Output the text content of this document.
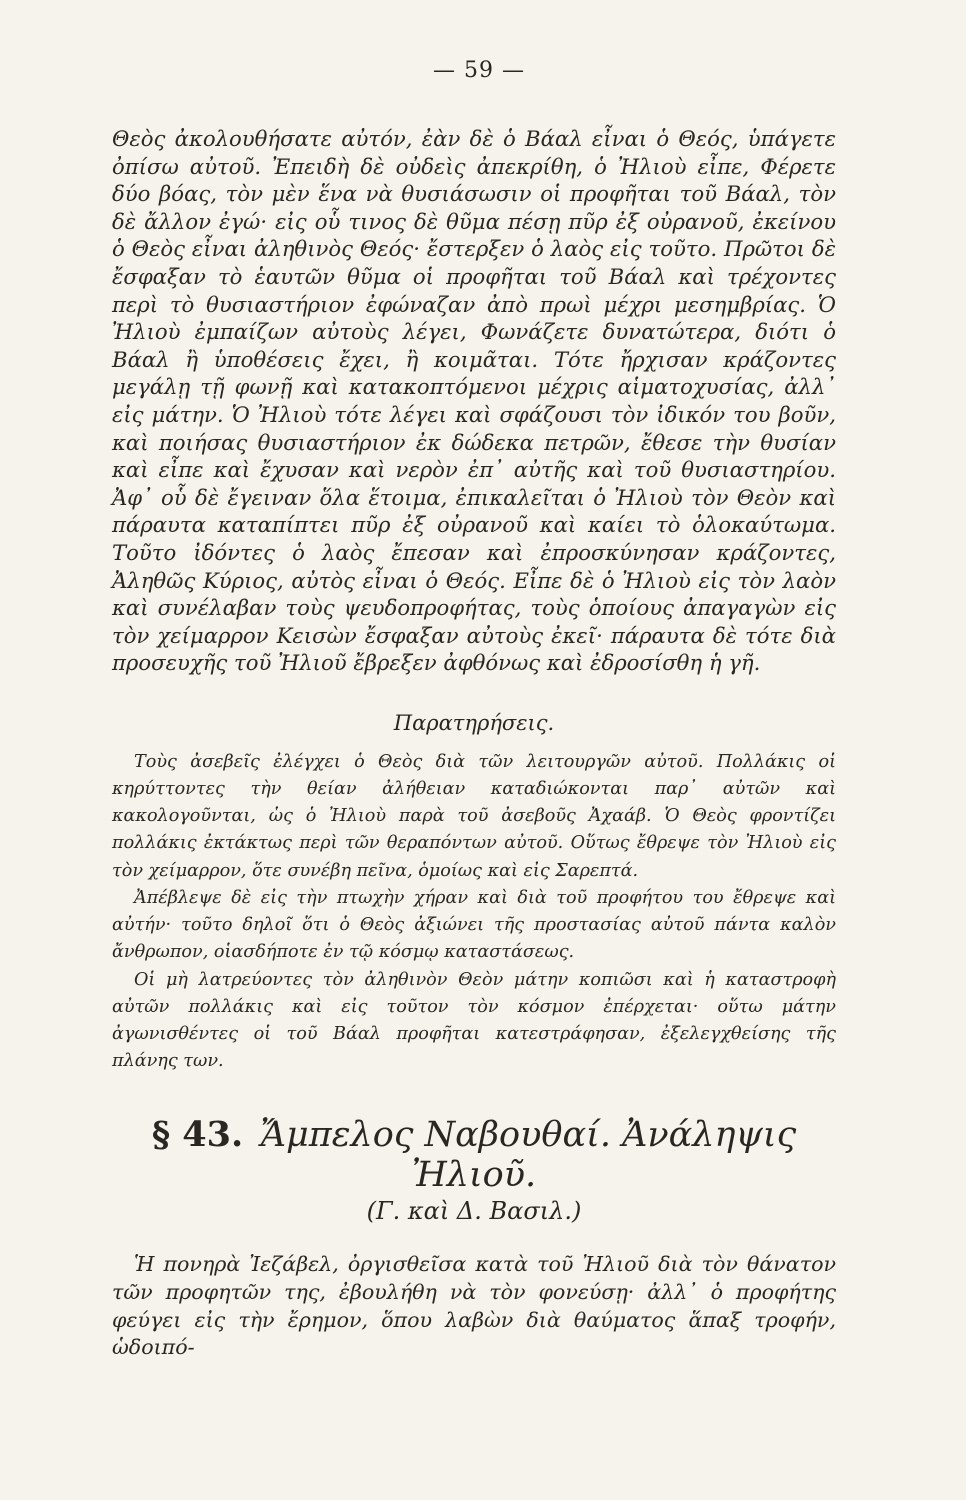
— 59 —

Θεὸς ἀκολουθήσατε αὐτόν, ἐὰν δὲ ὁ Βάαλ εἶναι ὁ Θεός, ὑπάγετε ὀπίσω αὐτοῦ. Ἐπειδὴ δὲ οὐδεὶς ἀπεκρίθη, ὁ Ἠλιοὺ εἶπε, Φέρετε δύο βόας, τὸν μὲν ἕνα νὰ θυσιάσωσιν οἱ προφῆται τοῦ Βάαλ, τὸν δὲ ἄλλον ἐγώ· εἰς οὗ τινος δὲ θῦμα πέσῃ πῦρ ἐξ οὐρανοῦ, ἐκείνου ὁ Θεὸς εἶναι ἀληθινὸς Θεός· ἔστερξεν ὁ λαὸς εἰς τοῦτο. Πρῶτοι δὲ ἔσφαξαν τὸ ἑαυτῶν θῦμα οἱ προφῆται τοῦ Βάαλ καὶ τρέχοντες περὶ τὸ θυσιαστήριον ἐφώναζαν ἀπὸ πρωὶ μέχρι μεσημβρίας. Ὁ Ἠλιοὺ ἐμπαίζων αὐτοὺς λέγει, Φωνάζετε δυνατώτερα, διότι ὁ Βάαλ ἢ ὑποθέσεις ἔχει, ἢ κοιμᾶται. Τότε ἤρχισαν κράζοντες μεγάλῃ τῇ φωνῇ καὶ κατακοπτόμενοι μέχρις αἱματοχυσίας, ἀλλ᾽ εἰς μάτην. Ὁ Ἠλιοὺ τότε λέγει καὶ σφάζουσι τὸν ἰδικόν του βοῦν, καὶ ποιήσας θυσιαστήριον ἐκ δώδεκα πετρῶν, ἔθεσε τὴν θυσίαν καὶ εἶπε καὶ ἔχυσαν καὶ νερὸν ἐπ᾽ αὐτῆς καὶ τοῦ θυσιαστηρίου. Ἀφ᾽ οὗ δὲ ἔγειναν ὅλα ἕτοιμα, ἐπικαλεῖται ὁ Ἠλιοὺ τὸν Θεὸν καὶ πάραυτα καταπίπτει πῦρ ἐξ οὐρανοῦ καὶ καίει τὸ ὁλοκαύτωμα. Τοῦτο ἰδόντες ὁ λαὸς ἔπεσαν καὶ ἐπροσκύνησαν κράζοντες, Ἀληθῶς Κύριος, αὐτὸς εἶναι ὁ Θεός. Εἶπε δὲ ὁ Ἠλιοὺ εἰς τὸν λαὸν καὶ συνέλαβαν τοὺς ψευδοπροφήτας, τοὺς ὁποίους ἀπαγαγὼν εἰς τὸν χείμαρρον Κεισὼν ἔσφαξαν αὐτοὺς ἐκεῖ· πάραυτα δὲ τότε διὰ προσευχῆς τοῦ Ἠλιοῦ ἔβρεξεν ἀφθόνως καὶ ἐδροσίσθη ἡ γῆ.

Παρατηρήσεις.

Τοὺς ἀσεβεῖς ἐλέγχει ὁ Θεὸς διὰ τῶν λειτουργῶν αὐτοῦ. Πολλάκις οἱ κηρύττοντες τὴν θείαν ἀλήθειαν καταδιώκονται παρ᾽ αὐτῶν καὶ κακολογοῦνται, ὡς ὁ Ἠλιοὺ παρὰ τοῦ ἀσεβοῦς Ἀχαάβ. Ὁ Θεὸς φροντίζει πολλάκις ἐκτάκτως περὶ τῶν θεραπόντων αὐτοῦ. Οὕτως ἔθρεψε τὸν Ἠλιοὺ εἰς τὸν χείμαρρον, ὅτε συνέβη πεῖνα, ὁμοίως καὶ εἰς Σαρεπτά.

Ἀπέβλεψε δὲ εἰς τὴν πτωχὴν χήραν καὶ διὰ τοῦ προφήτου του ἔθρεψε καὶ αὐτήν· τοῦτο δηλοῖ ὅτι ὁ Θεὸς ἀξιώνει τῆς προστασίας αὐτοῦ πάντα καλὸν ἄνθρωπον, οἱασδήποτε ἐν τῷ κόσμῳ καταστάσεως.

Οἱ μὴ λατρεύοντες τὸν ἀληθινὸν Θεὸν μάτην κοπιῶσι καὶ ἡ καταστροφὴ αὐτῶν πολλάκις καὶ εἰς τοῦτον τὸν κόσμον ἐπέρχεται· οὕτω μάτην ἀγωνισθέντες οἱ τοῦ Βάαλ προφῆται κατεστράφησαν, ἐξελεγχθείσης τῆς πλάνης των.

§ 43. Ἄμπελος Ναβουθαί. Ἀνάληψις Ἠλιοῦ.
(Γ. καὶ Δ. Βασιλ.)

Ἡ πονηρὰ Ἰεζάβελ, ὀργισθεῖσα κατὰ τοῦ Ἠλιοῦ διὰ τὸν θάνατον τῶν προφητῶν της, ἐβουλήθη νὰ τὸν φονεύσῃ· ἀλλ᾽ ὁ προφήτης φεύγει εἰς τὴν ἔρημον, ὅπου λαβὼν διὰ θαύματος ἅπαξ τροφήν, ὡδοιπό-
